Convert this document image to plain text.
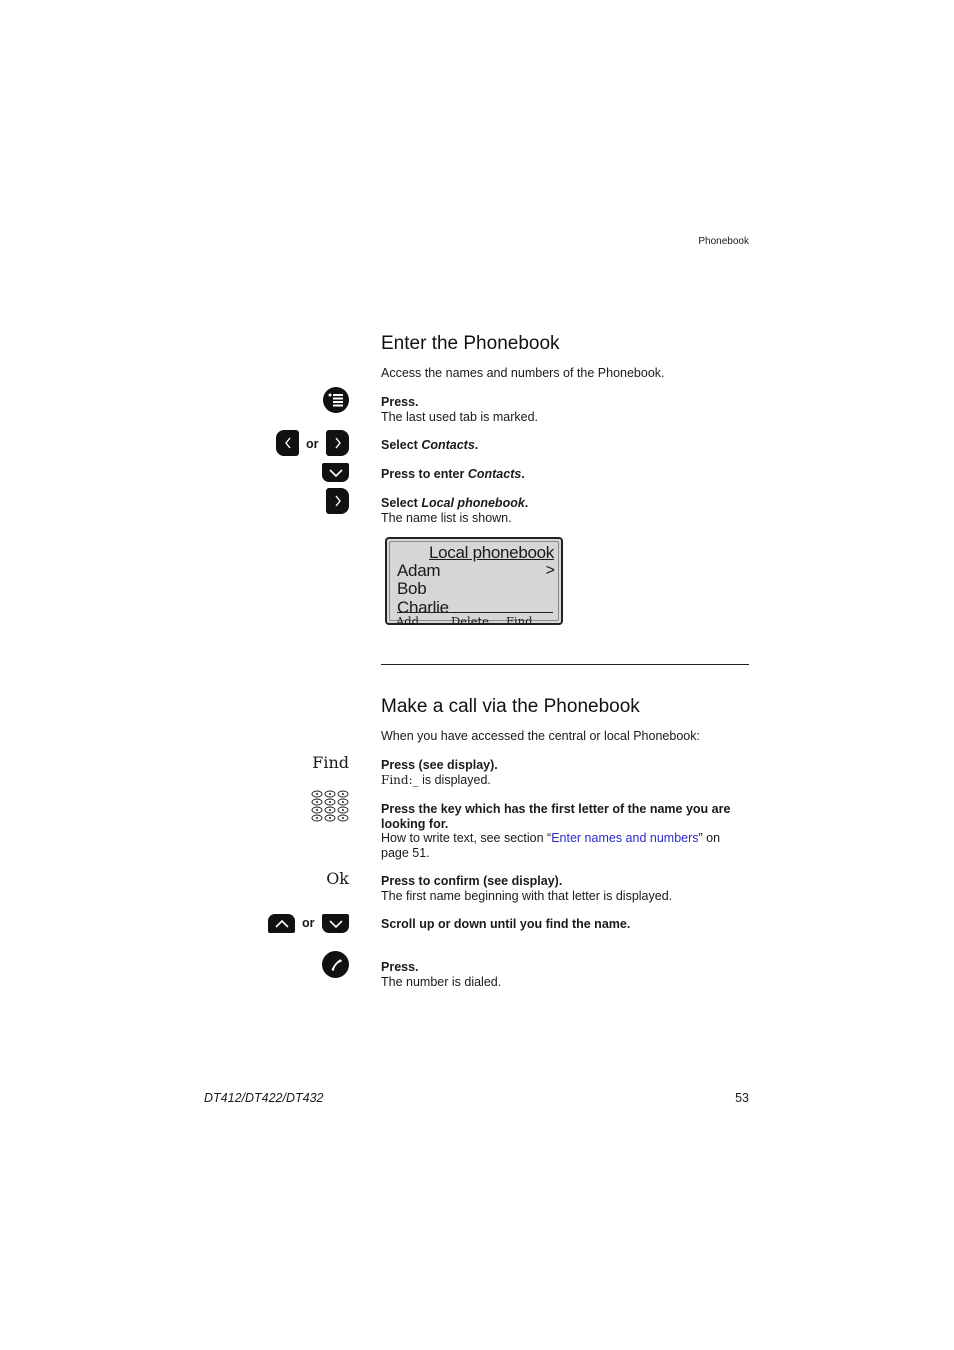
Phonebook
Enter the Phonebook
Access the names and numbers of the Phonebook.
Press.
The last used tab is marked.
or	Select Contacts.
Press to enter Contacts.
Select Local phonebook.
The name list is shown.
Local phonebook
Adam	>
Bob
Charlie
Add	Delete Find
Make a call via the Phonebook
When you have accessed the central or local Phonebook:
Find	Press (see display).
Find:_ is displayed.
Press the key which has the first letter of the name you are looking for.
How to write text, see section “Enter names and numbers” on page 51.
Ok	Press to confirm (see display).
The first name beginning with that letter is displayed.
or	Scroll up or down until you find the name.
Press.
The number is dialed.
DT412/DT422/DT432	53
